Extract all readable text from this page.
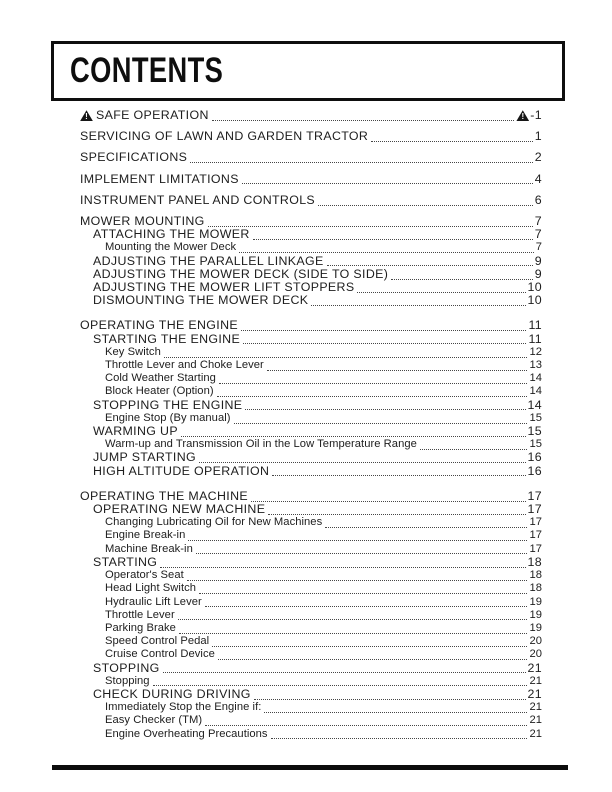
CONTENTS
!
SAFE OPERATION !	-1
SERVICING OF LAWN AND GARDEN TRACTOR	1
SPECIFICATIONS	2
IMPLEMENT LIMITATIONS	4
INSTRUMENT PANEL AND CONTROLS	6
MOWER MOUNTING	7
ATTACHING THE MOWER	7
Mounting the Mower Deck	7
ADJUSTING THE PARALLEL LINKAGE	9
ADJUSTING THE MOWER DECK (SIDE TO SIDE)	9
ADJUSTING THE MOWER LIFT STOPPERS	10
DISMOUNTING THE MOWER DECK	10
OPERATING THE ENGINE	11
STARTING THE ENGINE	11
Key Switch	12
Throttle Lever and Choke Lever	13
Cold Weather Starting	14
Block Heater (Option)	14
STOPPING THE ENGINE	14
Engine Stop (By manual)	15
WARMING UP	15
Warm-up and Transmission Oil in the Low Temperature Range	15
JUMP STARTING	16
HIGH ALTITUDE OPERATION	16
OPERATING THE MACHINE	17
OPERATING NEW MACHINE	17
Changing Lubricating Oil for New Machines	17
Engine Break-in	17
Machine Break-in	17
STARTING	18
Operator's Seat	18
Head Light Switch	18
Hydraulic Lift Lever	19
Throttle Lever	19
Parking Brake	19
Speed Control Pedal	20
Cruise Control Device	20
STOPPING	21
Stopping	21
CHECK DURING DRIVING	21
Immediately Stop the Engine if:	21
Easy Checker (TM)	21
Engine Overheating Precautions	21
